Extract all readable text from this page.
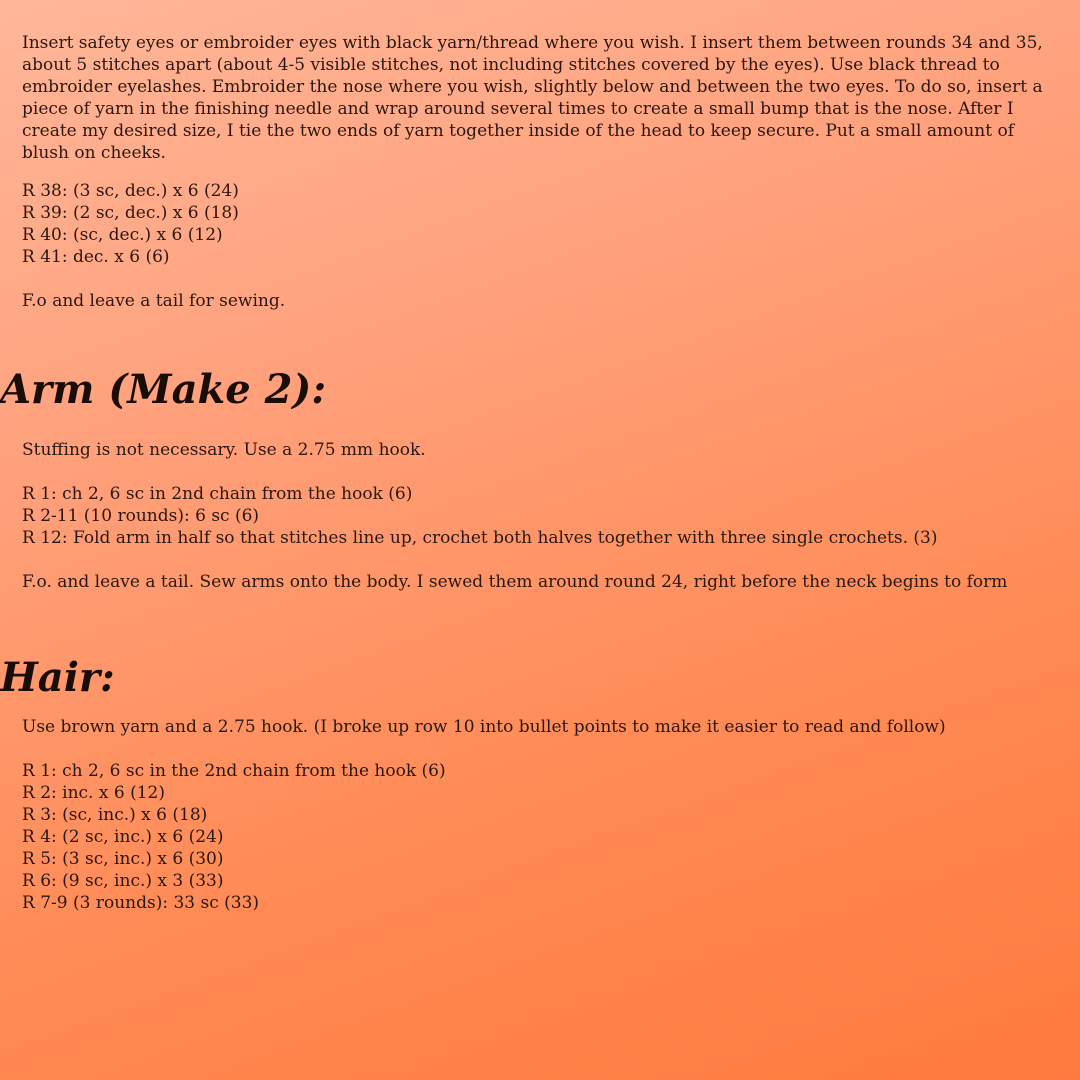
Insert safety eyes or embroider eyes with black yarn/thread where you wish. I insert them between rounds 34 and 35, about 5 stitches apart (about 4-5 visible stitches, not including stitches covered by the eyes). Use black thread to embroider eyelashes. Embroider the nose where you wish, slightly below and between the two eyes. To do so, insert a piece of yarn in the finishing needle and wrap around several times to create a small bump that is the nose. After I create my desired size, I tie the two ends of yarn together inside of the head to keep secure. Put a small amount of blush on cheeks.

R 38: (3 sc, dec.) x 6 (24)
R 39: (2 sc, dec.) x 6 (18)
R 40: (sc, dec.) x 6 (12)
R 41: dec. x 6 (6)
F.o and leave a tail for sewing.
Arm (Make 2):
Stuffing is not necessary. Use a 2.75 mm hook.
R 1: ch 2, 6 sc in 2nd chain from the hook (6)
R 2-11 (10 rounds): 6 sc (6)
R 12: Fold arm in half so that stitches line up, crochet both halves together with three single crochets. (3)

F.o. and leave a tail. Sew arms onto the body. I sewed them around round 24, right before the neck begins to form

Hair:
Use brown yarn and a 2.75 hook. (I broke up row 10 into bullet points to make it easier to read and follow)
R 1: ch 2, 6 sc in the 2nd chain from the hook (6)
R 2: inc. x 6 (12)
R 3: (sc, inc.) x 6 (18)
R 4: (2 sc, inc.) x 6 (24)
R 5: (3 sc, inc.) x 6 (30)
R 6: (9 sc, inc.) x 3 (33)
R 7-9 (3 rounds): 33 sc (33)
